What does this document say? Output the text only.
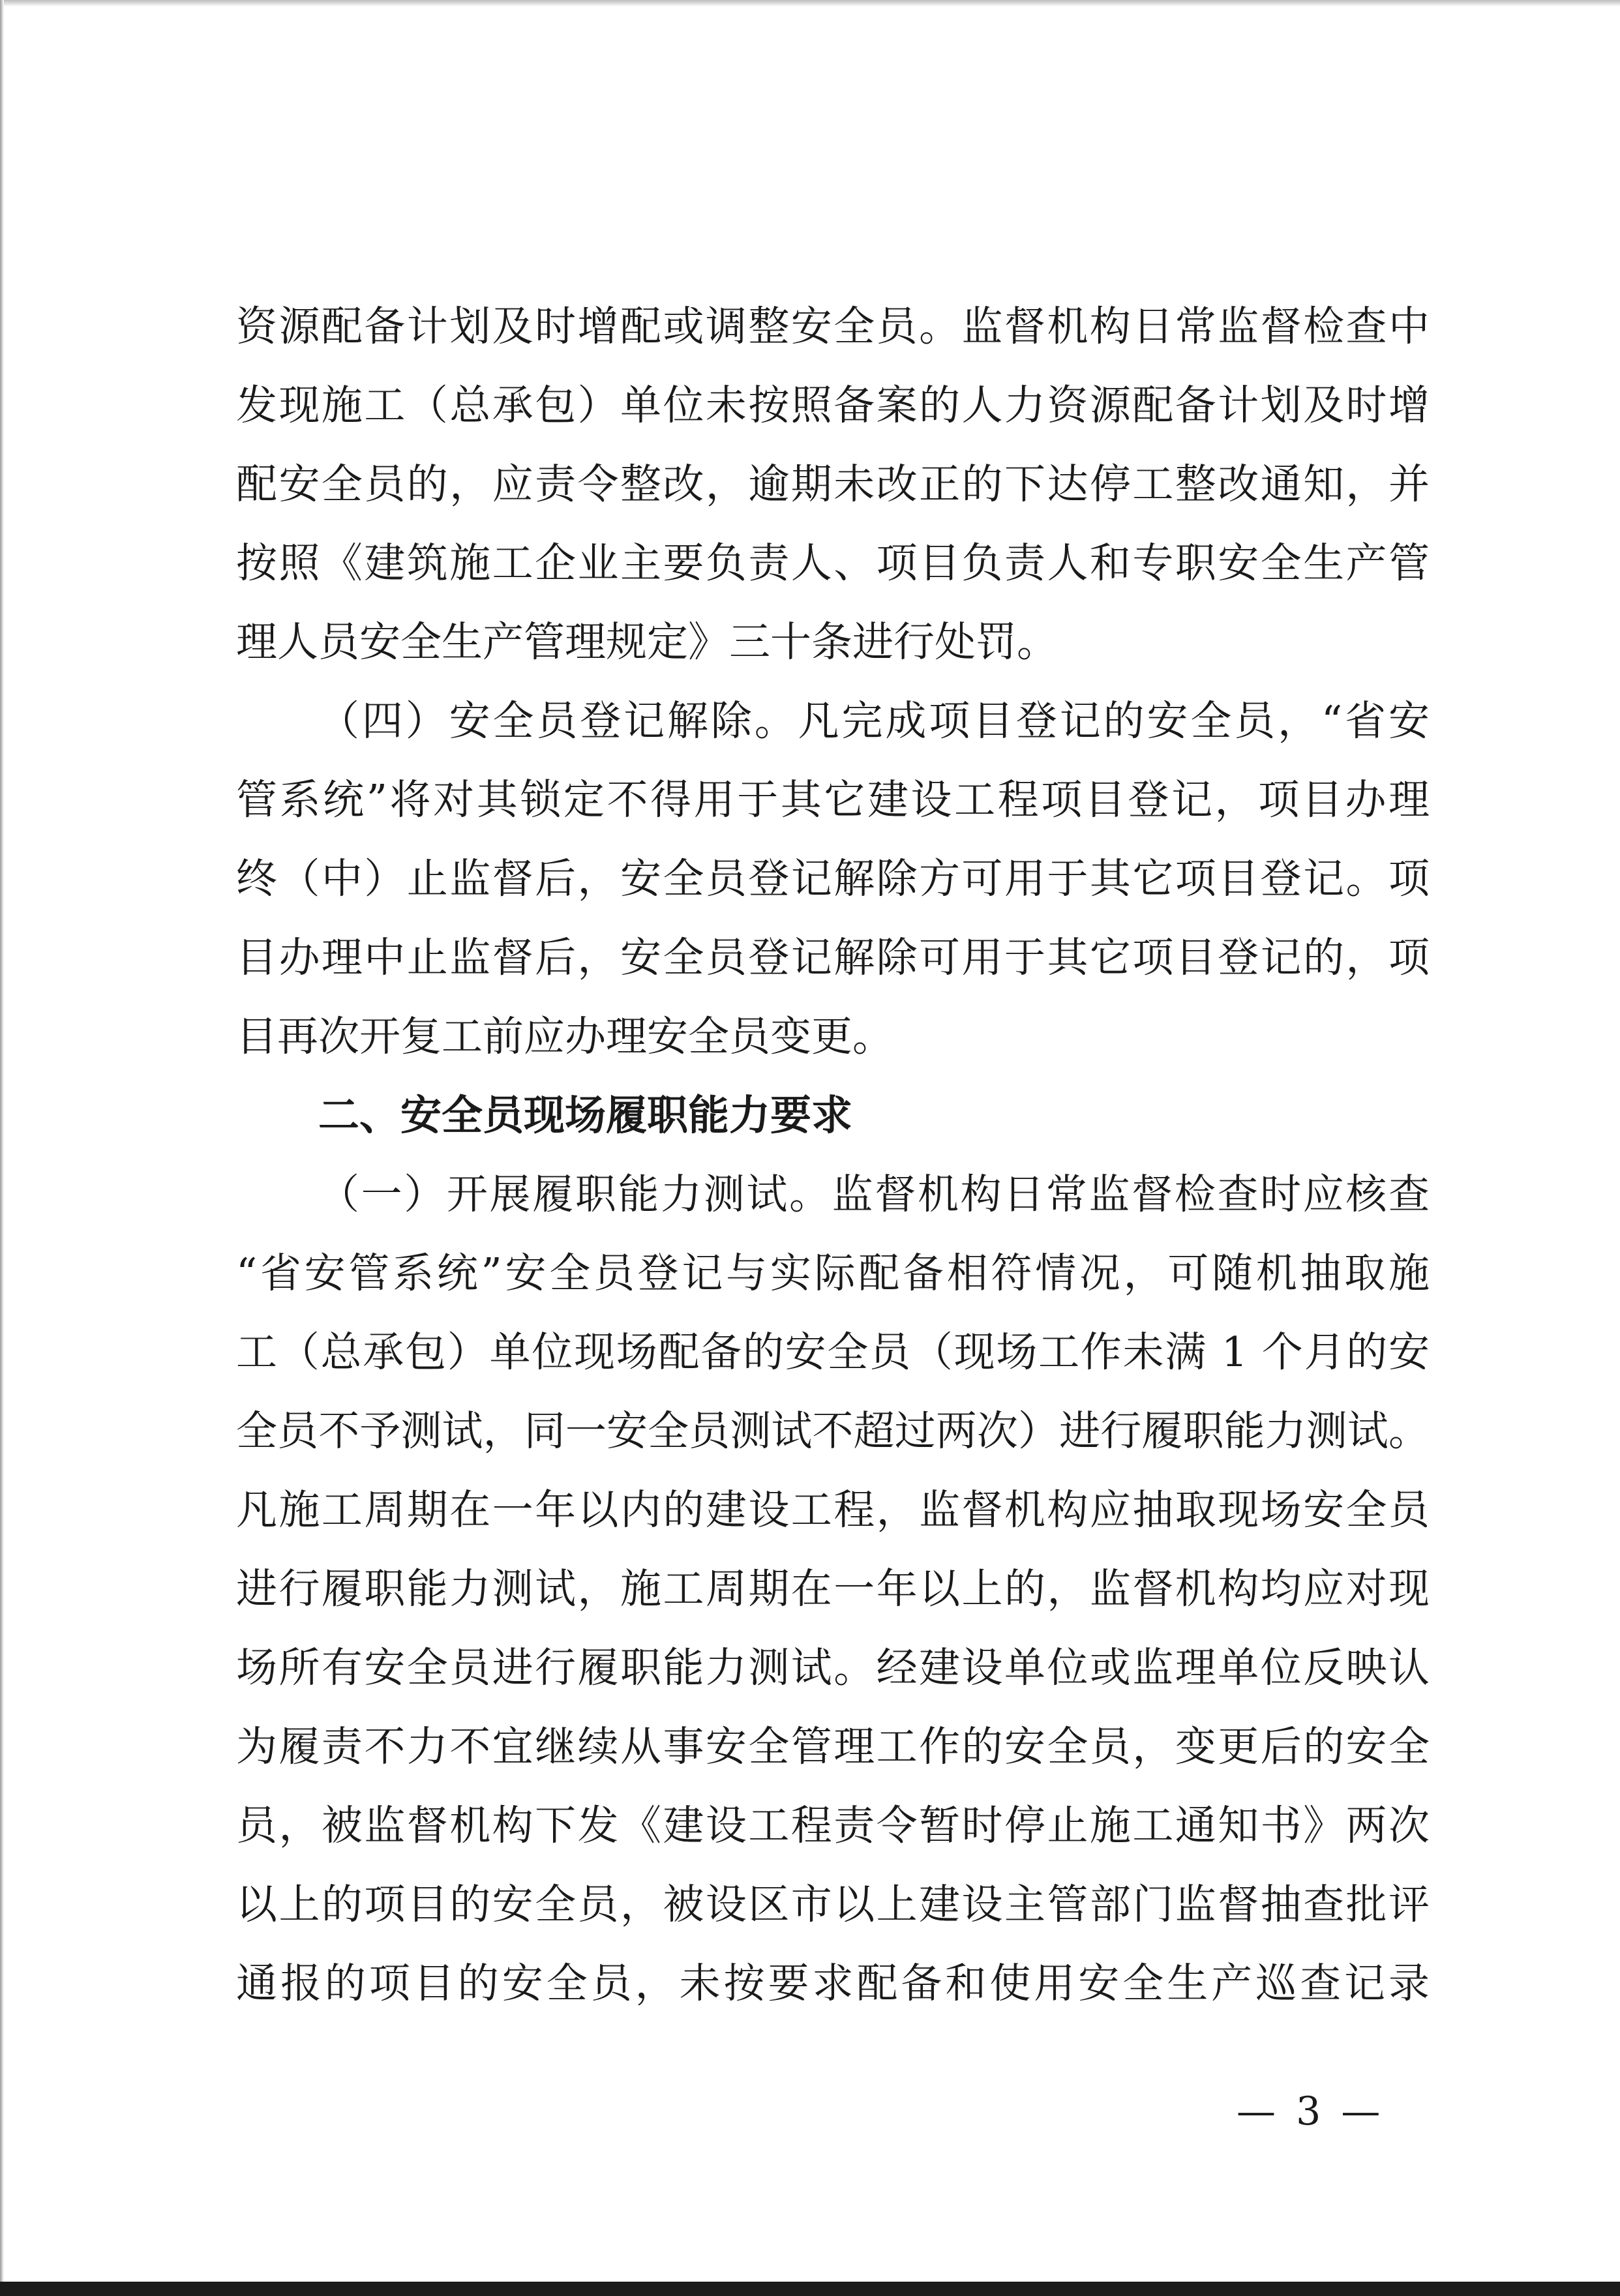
资源配备计划及时增配或调整安全员。监督机构日常监督检查中
发现施工（总承包）单位未按照备案的人力资源配备计划及时增
配安全员的，应责令整改，逾期未改正的下达停工整改通知，并
按照《建筑施工企业主要负责人、项目负责人和专职安全生产管
理人员安全生产管理规定》三十条进行处罚。
（四）安全员登记解除。凡完成项目登记的安全员，“省安
管系统”将对其锁定不得用于其它建设工程项目登记，项目办理
终（中）止监督后，安全员登记解除方可用于其它项目登记。项
目办理中止监督后，安全员登记解除可用于其它项目登记的，项
目再次开复工前应办理安全员变更。
二、安全员现场履职能力要求
（一）开展履职能力测试。监督机构日常监督检查时应核查
“省安管系统”安全员登记与实际配备相符情况，可随机抽取施
工（总承包）单位现场配备的安全员（现场工作未满 1 个月的安
全员不予测试，同一安全员测试不超过两次）进行履职能力测试。
凡施工周期在一年以内的建设工程，监督机构应抽取现场安全员
进行履职能力测试，施工周期在一年以上的，监督机构均应对现
场所有安全员进行履职能力测试。经建设单位或监理单位反映认
为履责不力不宜继续从事安全管理工作的安全员，变更后的安全
员，被监督机构下发《建设工程责令暂时停止施工通知书》两次
以上的项目的安全员，被设区市以上建设主管部门监督抽查批评
通报的项目的安全员，未按要求配备和使用安全生产巡查记录
— 3 —
